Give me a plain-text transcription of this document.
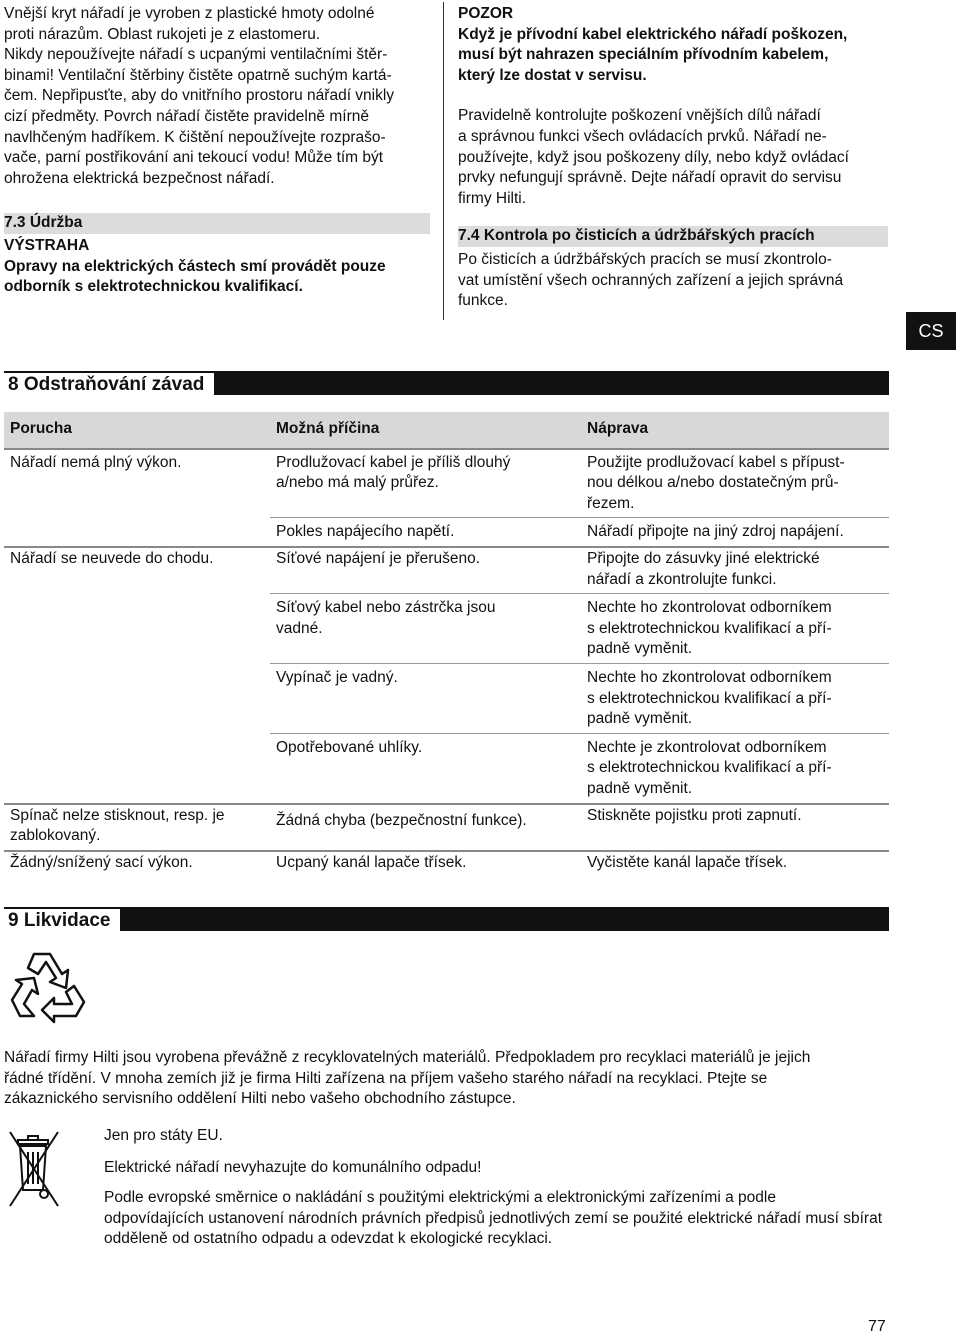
Vnější kryt nářadí je vyroben z plastické hmoty odolné
proti nárazům. Oblast rukojeti je z elastomeru.
Nikdy nepoužívejte nářadí s ucpanými ventilačními štěr-
binami! Ventilační štěrbiny čistěte opatrně suchým kartá-
čem. Nepřipusťte, aby do vnitřního prostoru nářadí vnikly
cizí předměty. Povrch nářadí čistěte pravidelně mírně
navlhčeným hadříkem. K čištění nepoužívejte rozprašo-
vače, parní postřikování ani tekoucí vodu! Může tím být
ohrožena elektrická bezpečnost nářadí.
7.3 Údržba
VÝSTRAHA
Opravy na elektrických částech smí provádět pouze
odborník s elektrotechnickou kvalifikací.
POZOR
Když je přívodní kabel elektrického nářadí poškozen,
musí být nahrazen speciálním přívodním kabelem,
který lze dostat v servisu.
Pravidelně kontrolujte poškození vnějších dílů nářadí
a správnou funkci všech ovládacích prvků. Nářadí ne-
používejte, když jsou poškozeny díly, nebo když ovládací
prvky nefungují správně. Dejte nářadí opravit do servisu
firmy Hilti.
7.4 Kontrola po čisticích a údržbářských pracích
Po čisticích a údržbářských pracích se musí zkontrolo-
vat umístění všech ochranných zařízení a jejich správná
funkce.
CS
8 Odstraňování závad
Porucha	Možná příčina	Náprava
Nářadí nemá plný výkon.	Prodlužovací kabel je příliš dlouhý a/nebo má malý průřez.	Použijte prodlužovací kabel s přípust-
nou délkou a/nebo dostatečným prů-
řezem.
	Pokles napájecího napětí.	Nářadí připojte na jiný zdroj napájení.
Nářadí se neuvede do chodu.	Síťové napájení je přerušeno.	Připojte do zásuvky jiné elektrické
nářadí a zkontrolujte funkci.
	Síťový kabel nebo zástrčka jsou
vadné.	Nechte ho zkontrolovat odborníkem
s elektrotechnickou kvalifikací a pří-
padně vyměnit.
	Vypínač je vadný.	Nechte ho zkontrolovat odborníkem
s elektrotechnickou kvalifikací a pří-
padně vyměnit.
	Opotřebované uhlíky.	Nechte je zkontrolovat odborníkem
s elektrotechnickou kvalifikací a pří-
padně vyměnit.
Spínač nelze stisknout, resp. je
zablokovaný.	Žádná chyba (bezpečnostní funkce).	Stiskněte pojistku proti zapnutí.
Žádný/snížený sací výkon.	Ucpaný kanál lapače třísek.	Vyčistěte kanál lapače třísek.
9 Likvidace
Nářadí firmy Hilti jsou vyrobena převážně z recyklovatelných materiálů. Předpokladem pro recyklaci materiálů je jejich
řádné třídění. V mnoha zemích již je firma Hilti zařízena na příjem vašeho starého nářadí na recyklaci. Ptejte se
zákaznického servisního oddělení Hilti nebo vašeho obchodního zástupce.
Jen pro státy EU.
Elektrické nářadí nevyhazujte do komunálního odpadu!
Podle evropské směrnice o nakládání s použitými elektrickými a elektronickými zařízeními a podle
odpovídajících ustanovení národních právních předpisů jednotlivých zemí se použité elektrické nářadí musí sbírat
odděleně od ostatního odpadu a odevzdat k ekologické recyklaci.
77
